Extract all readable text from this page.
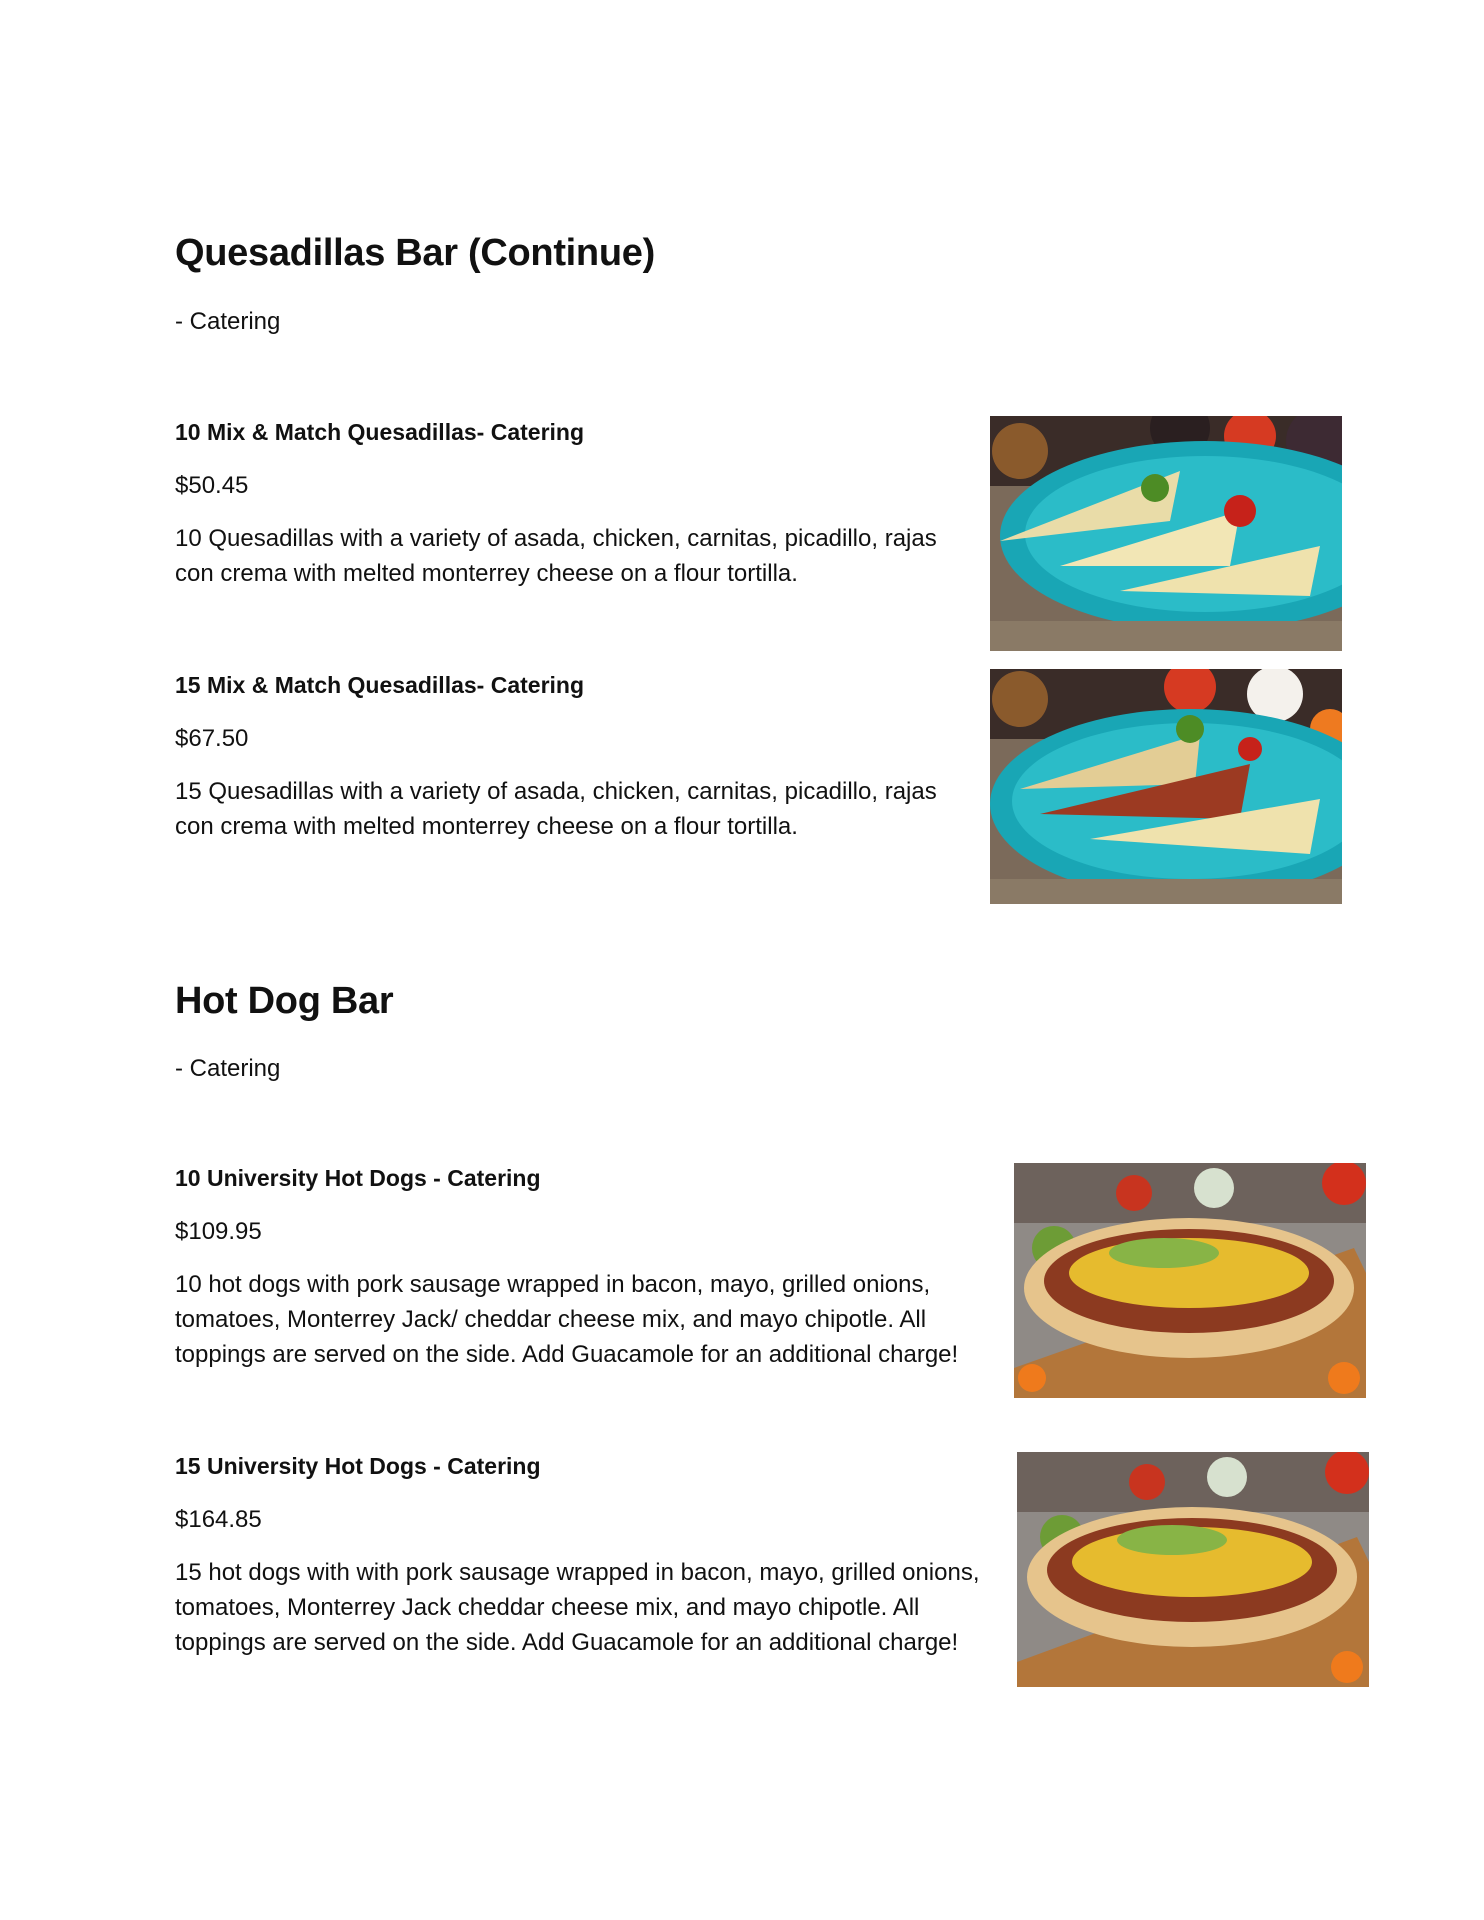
Quesadillas Bar (Continue)
- Catering
10 Mix & Match Quesadillas- Catering
$50.45
10 Quesadillas with a variety of asada, chicken, carnitas, picadillo, rajas con crema with melted monterrey cheese on a flour tortilla.
15 Mix & Match Quesadillas- Catering
$67.50
15 Quesadillas with a variety of asada, chicken, carnitas, picadillo, rajas con crema with melted monterrey cheese on a flour tortilla.
Hot Dog Bar
- Catering
10 University Hot Dogs - Catering
$109.95
10 hot dogs with pork sausage wrapped in bacon, mayo, grilled onions, tomatoes, Monterrey Jack/ cheddar cheese mix, and mayo chipotle. All toppings are served on the side. Add Guacamole for an additional charge!
15 University Hot Dogs - Catering
$164.85
15 hot dogs with with pork sausage wrapped in bacon, mayo, grilled onions, tomatoes, Monterrey Jack cheddar cheese mix, and mayo chipotle. All toppings are served on the side. Add Guacamole for an additional charge!
